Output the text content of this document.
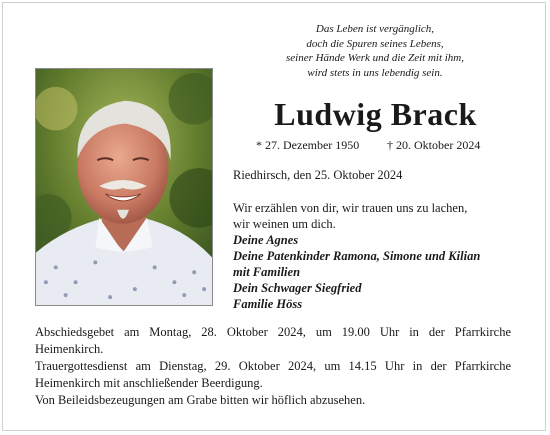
Das Leben ist vergänglich,
doch die Spuren seines Lebens,
seiner Hände Werk und die Zeit mit ihm,
wird stets in uns lebendig sein.
Ludwig Brack
* 27. Dezember 1950 † 20. Oktober 2024
Riedhirsch, den 25. Oktober 2024
Wir erzählen von dir, wir trauen uns zu lachen,
wir weinen um dich.
Deine Agnes
Deine Patenkinder Ramona, Simone und Kilian
mit Familien
Dein Schwager Siegfried
Familie Höss

Abschiedsgebet am Montag, 28. Oktober 2024, um 19.00 Uhr in der Pfarrkirche

Heimenkirch.

Trauergottesdienst am Dienstag, 29. Oktober 2024, um 14.15 Uhr in der Pfarrkirche

Heimenkirch mit anschließender Beerdigung.

Von Beileidsbezeugungen am Grabe bitten wir höflich abzusehen.
